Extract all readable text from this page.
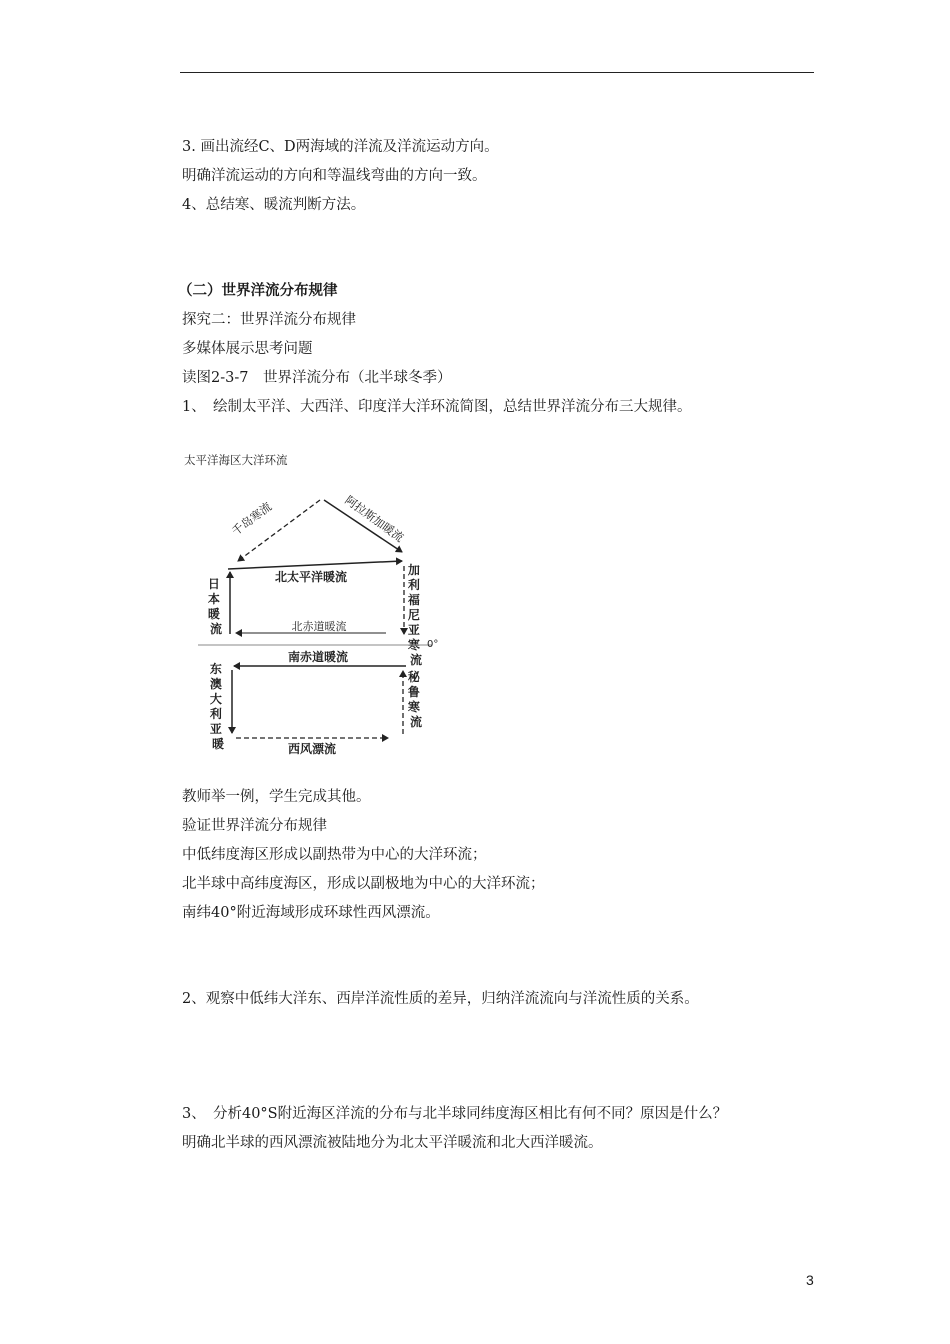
3. 画出流经C、D两海域的洋流及洋流运动方向。
明确洋流运动的方向和等温线弯曲的方向一致。
4、总结寒、暖流判断方法。
（二）世界洋流分布规律
探究二：世界洋流分布规律
多媒体展示思考问题
读图2-3-7　世界洋流分布（北半球冬季）
1、　绘制太平洋、大西洋、印度洋大洋环流简图，总结世界洋流分布三大规律。
太平洋海区大洋环流
千岛寒流	阿拉斯加暖流
北太平洋暖流
日 本 暖 流
加 利 福 尼 亚 寒 流
北赤道暖流
0°
南赤道暖流
东 澳 大 利 亚 暖
秘 鲁 寒 流
西风漂流
教师举一例，学生完成其他。
验证世界洋流分布规律
中低纬度海区形成以副热带为中心的大洋环流；
北半球中高纬度海区，形成以副极地为中心的大洋环流；
南纬40°附近海域形成环球性西风漂流。
2、观察中低纬大洋东、西岸洋流性质的差异，归纳洋流流向与洋流性质的关系。
3、　分析40°S附近海区洋流的分布与北半球同纬度海区相比有何不同？原因是什么？
明确北半球的西风漂流被陆地分为北太平洋暖流和北大西洋暖流。
3
